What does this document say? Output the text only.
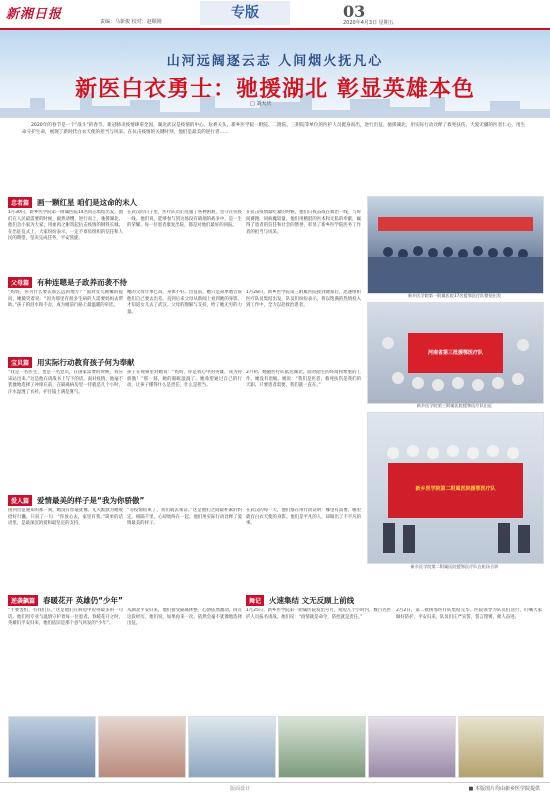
新湘日报	责编：马新俊 校对：赵顺刚
专版	03
2020年4月3日 星期五
山河远阔逐云志 人间烟火抚凡心
新医白衣勇士：驰援湖北 彰显英雄本色
□ 刘天庆
2020年的春节是一个“战斗”的春节。新冠肺炎疫情肆虐全国，湖北武汉是疫情的中心。危难关头，新乡医学院一附院、二附院、三附院等单位的医护人员挺身而出，逆行出征，驰援湖北，用实际行动诠释了救死扶伤、大爱无疆的医者仁心，用生命守护生命，展现了新时代白衣天使的担当与风采。在抗击疫情的关键时刻，他们是最美的逆行者……
忠者篇	画一颗红星 咱们是这命的未人
1月30日，新乡医学院第一附属医院14名同志集结出发。他们在人民最需要的时候，毅然请缨，逆行而上，驰援湖北。他们舍小家为大家，用血肉之躯筑起抗击疫情的钢铁长城。在出征仪式上，大家纷纷表示，一定不辜负组织的信任和人民的期望，坚决完成任务，平安凯旋。
在武汉的日子里，医疗队员们克服了各种困难，坚守在抗疫一线。他们说，能够参与到这场没有硝烟的战争中，是一生的荣耀。每一位患者康复出院，都是对他们最好的回报。
在抗击疫情最吃紧的时候，他们日夜奋战在救治一线，与时间赛跑，同病魔较量。他们用精湛的医术和无私的奉献，赢得了患者的信任和社会的赞誉，彰显了新乡医学院医务工作者的担当与风采。
新乡医学院第一附属医院37名援鄂医疗队整装出发
父母篇	有种连嗯是子政养而袭不待
“妈妈，你为什么要去那么远的地方？”面对女儿稚嫩的提问，她微笑着说：“因为那里有很多生病的人需要妈妈去帮助。”孩子的泪水和不舍，成为她前行路上最温暖的牵挂。
她的父母年事已高，身体不好。出征前，她只是简单地告诉他们自己要去出差。直到后来父母从新闻上看到她的身影，才知道女儿去了武汉。父母的理解与支持，给了她无穷的力量。
1月28日，新乡医学院第三附属医院接到通知后，迅速组织医疗队员集结出发。队员们纷纷表示，将以饱满的热情投入到工作中，全力以赴救治患者。
河南省第三批援鄂医疗队
新乡医学院第三附属医院援鄂医疗队出征
宝贝篇	用实际行动教育孩子何为奉献
“我是一名医生，也是一名党员，在国家需要的时候，我应该站出来。”这是他在请战书上写下的话。面对疫情，他毫不犹豫地选择了冲锋在前，在隔离病房里一待就是几个小时，汗水湿透了衣衫，护目镜上满是雾气。
孩子在视频里对她说：“妈妈，你是我心中的英雄，我为你骄傲！”那一刻，她的眼眶湿润了。她希望通过自己的行动，让孩子懂得什么是责任，什么是担当。
2月初，她随医疗队抵达湖北。面对陌生的环境和繁重的工作，她没有退缩。她说：“我们是医者，救死扶伤是我们的天职。只要患者需要，我们就一直在。”
新乡医学院第二附属医院援鄂医疗队
新乡医学院第二附属医院援鄂医疗队在机场合影
爱人篇	爱情最美的样子是“我为你骄傲”
接到出征通知的那一刻，她没有丝毫犹豫。丈夫默默为她收拾好行囊，只说了一句：“你放心去，家里有我。”简单的话语里，是最深沉的爱和最坚定的支持。
“等疫情结束了，我们就去领证。”这是他们之间最朴素的约定。相隔千里，心却始终在一起。他们用实际行动诠释了爱情最美的样子。
在武汉的每一天，他们都在用行动证明：哪里有需要，哪里就有白衣天使的身影。他们是平凡的人，却做出了不平凡的事。
逆袭飙篇	春暖花开 英雄仍“少年”
“不要害怕，有我们在。”这是他们在病房中说得最多的一句话。他们用专业与温情守护着每一位患者。春暖花开之时，英雄们平安归来，他们依旧是那个意气风发的“少年”。
从湖北平安归来，他们接受隔离休整，心情依然激动。回首这段经历，他们说，如果再来一次，依然会毫不犹豫地选择出征。
舞记	火速集结 文无反顾上前线
1月25日，新乡医学院第一附属医院发出号召，短短几个小时内，数百名医护人员报名请战。他们说：“疫情就是命令，防控就是责任。”
2月2日，第二批援鄂医疗队集结完毕。医院领导为队员们送行，叮嘱大家做好防护，平安归来。队员们庄严宣誓，誓言铿锵，催人奋进。
版面设计	■ 本版图片均由新乡医学院提供
